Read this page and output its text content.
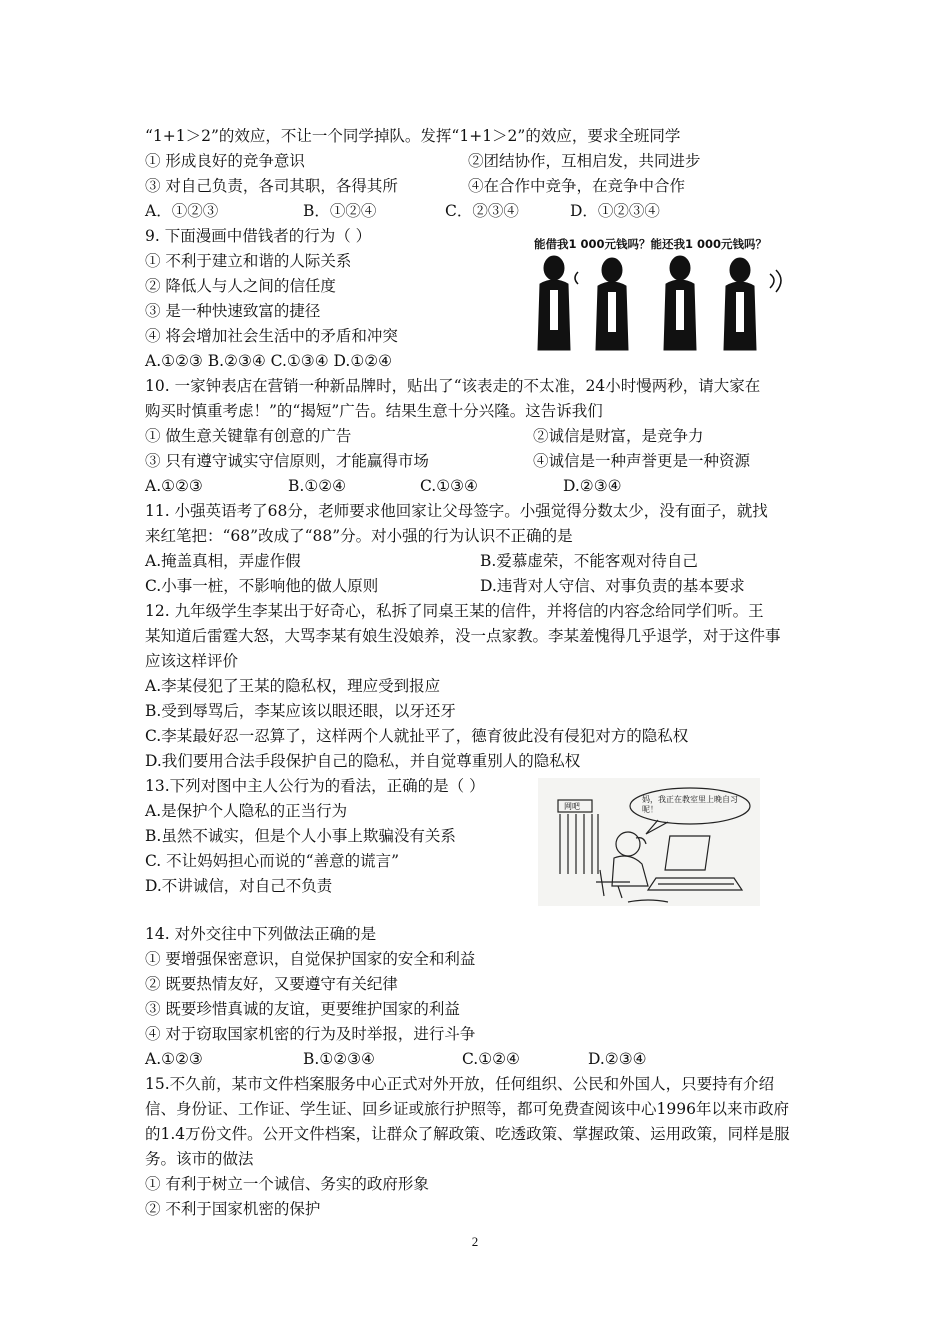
“1+1＞2”的效应，不让一个同学掉队。发挥“1+1＞2”的效应，要求全班同学
① 形成良好的竞争意识	②团结协作，互相启发，共同进步
③ 对自己负责，各司其职，各得其所	④在合作中竞争，在竞争中合作
A．①②③	B．①②④	C．②③④	D．①②③④
9. 下面漫画中借钱者的行为（ ）
① 不利于建立和谐的人际关系
② 降低人与人之间的信任度
③ 是一种快速致富的捷径
④ 将会增加社会生活中的矛盾和冲突
A.①②③ B.②③④ C.①③④ D.①②④
能借我1 000元钱吗？能还我1 000元钱吗？
10. 一家钟表店在营销一种新品牌时，贴出了“该表走的不太准，24小时慢两秒，请大家在
购买时慎重考虑！”的“揭短”广告。结果生意十分兴隆。这告诉我们
① 做生意关键靠有创意的广告	②诚信是财富，是竞争力
③ 只有遵守诚实守信原则，才能赢得市场	④诚信是一种声誉更是一种资源
A.①②③	B.①②④	C.①③④	D.②③④
11. 小强英语考了68分，老师要求他回家让父母签字。小强觉得分数太少，没有面子，就找
来红笔把：“68”改成了“88”分。对小强的行为认识不正确的是
A.掩盖真相，弄虚作假	B.爱慕虚荣，不能客观对待自己
C.小事一桩，不影响他的做人原则	D.违背对人守信、对事负责的基本要求
12. 九年级学生李某出于好奇心，私拆了同桌王某的信件，并将信的内容念给同学们听。王
某知道后雷霆大怒，大骂李某有娘生没娘养，没一点家教。李某羞愧得几乎退学，对于这件事
应该这样评价
A.李某侵犯了王某的隐私权，理应受到报应
B.受到辱骂后，李某应该以眼还眼，以牙还牙
C.李某最好忍一忍算了，这样两个人就扯平了，德育彼此没有侵犯对方的隐私权
D.我们要用合法手段保护自己的隐私，并自觉尊重别人的隐私权
13.下列对图中主人公行为的看法，正确的是（ ）
A.是保护个人隐私的正当行为
B.虽然不诚实，但是个人小事上欺骗没有关系
C. 不让妈妈担心而说的“善意的谎言”
D.不讲诚信，对自己不负责
网吧
妈，我正在教室里上晚自习呢！
14. 对外交往中下列做法正确的是
① 要增强保密意识，自觉保护国家的安全和利益
② 既要热情友好，又要遵守有关纪律
③ 既要珍惜真诚的友谊，更要维护国家的利益
④ 对于窃取国家机密的行为及时举报，进行斗争
A.①②③	B.①②③④	C.①②④	D.②③④
15.不久前，某市文件档案服务中心正式对外开放，任何组织、公民和外国人，只要持有介绍
信、身份证、工作证、学生证、回乡证或旅行护照等，都可免费查阅该中心1996年以来市政府
的1.4万份文件。公开文件档案，让群众了解政策、吃透政策、掌握政策、运用政策，同样是服
务。该市的做法
① 有利于树立一个诚信、务实的政府形象
② 不利于国家机密的保护
2
